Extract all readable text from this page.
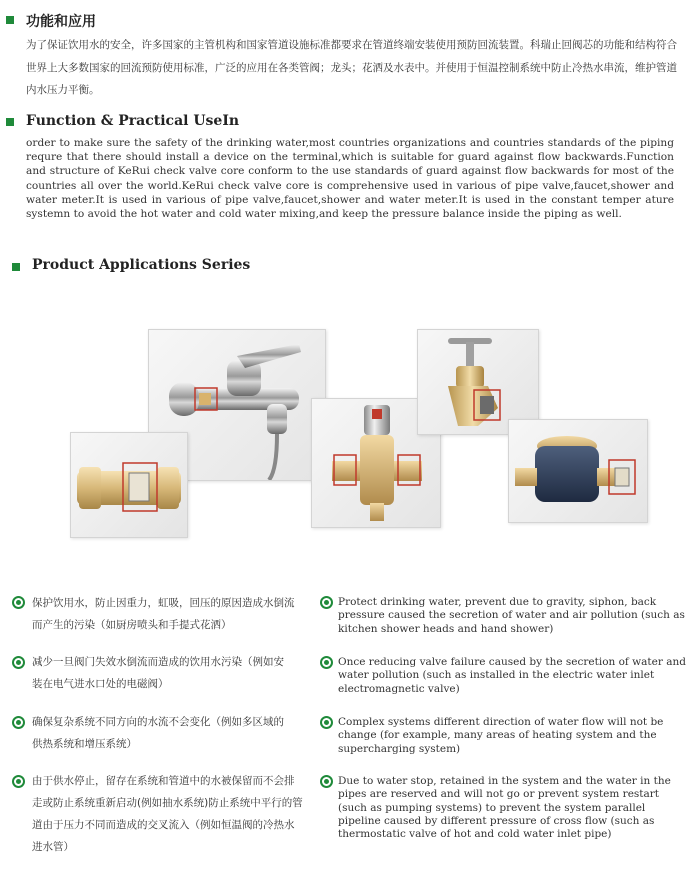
功能和应用
为了保证饮用水的安全，许多国家的主管机构和国家管道设施标准都要求在管道终端安装使用预防回流装置。科瑞止回阀芯的功能和结构符合世界上大多数国家的回流预防使用标准，广泛的应用在各类管阀；龙头；花洒及水表中。并使用于恒温控制系统中防止冷热水串流，维护管道内水压力平衡。
Function & Practical UseIn
order to make sure the safety of the drinking water,most countries organizations and countries standards of the piping requre that there should install a device on the terminal,which is suitable for guard against flow backwards.Function and structure of KeRui check valve core conform to the use standards of guard against flow backwards for most of the countries all over the world.KeRui check valve core is comprehensive used in various of pipe valve,faucet,shower and water meter.It is used in various of pipe valve,faucet,shower and water meter.It is used in the constant temper ature systemn to avoid the hot water and cold water mixing,and keep the pressure balance inside the piping as well.
Product Applications Series
保护饮用水，防止因重力，虹吸，回压的原因造成水倒流而产生的污染（如厨房喷头和手提式花洒）
Protect drinking water, prevent due to gravity, siphon, back pressure caused the secretion of water and air pollution (such as kitchen shower heads and hand shower)
减少一旦阀门失效水倒流而造成的饮用水污染（例如安装在电气进水口处的电磁阀）
Once reducing valve failure caused by the secretion of water and water pollution (such as installed in the electric water inlet electromagnetic valve)
确保复杂系统不同方向的水流不会变化（例如多区域的供热系统和增压系统）
Complex systems different direction of water flow will not be change (for example, many areas of heating system and the supercharging system)
由于供水停止，留存在系统和管道中的水被保留而不会排走或防止系统重新启动(例如抽水系统)防止系统中平行的管道由于压力不同而造成的交叉流入（例如恒温阀的冷热水进水管）
Due to water stop, retained in the system and the water in the pipes are reserved and will not go or prevent system restart (such as pumping systems) to prevent the system parallel pipeline caused by different pressure of cross flow (such as thermostatic valve of hot and cold water inlet pipe)
